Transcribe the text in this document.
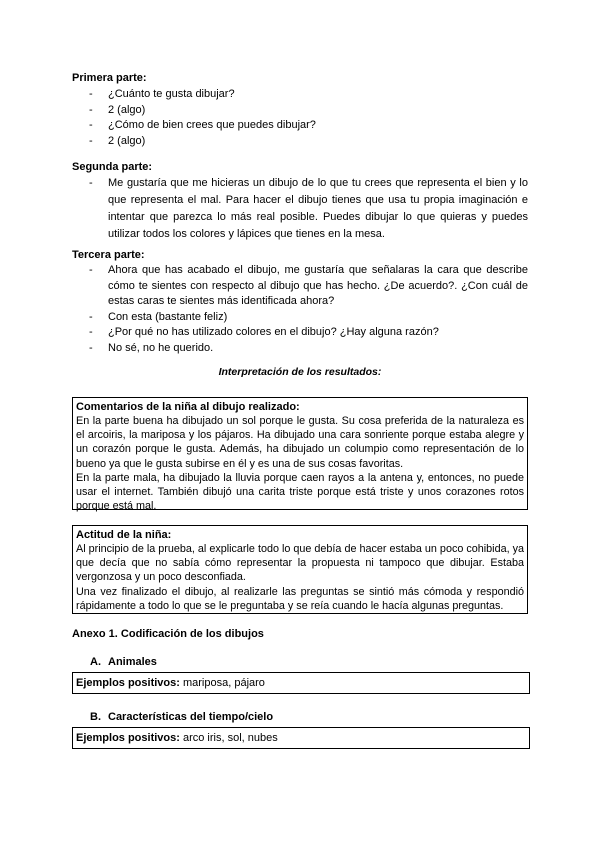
Primera parte:
- ¿Cuánto te gusta dibujar?
- 2 (algo)
- ¿Cómo de bien crees que puedes dibujar?
- 2 (algo)
Segunda parte:
- Me gustaría que me hicieras un dibujo de lo que tu crees que representa el bien y lo que representa el mal. Para hacer el dibujo tienes que usa tu propia imaginación e intentar que parezca lo más real posible. Puedes dibujar lo que quieras y puedes utilizar todos los colores y lápices que tienes en la mesa.
Tercera parte:
- Ahora que has acabado el dibujo, me gustaría que señalaras la cara que describe cómo te sientes con respecto al dibujo que has hecho. ¿De acuerdo?. ¿Con cuál de estas caras te sientes más identificada ahora?
- Con esta (bastante feliz)
- ¿Por qué no has utilizado colores en el dibujo? ¿Hay alguna razón?
- No sé, no he querido.
Interpretación de los resultados:
Comentarios de la niña al dibujo realizado:

En la parte buena ha dibujado un sol porque le gusta. Su cosa preferida de la naturaleza es el arcoiris, la mariposa y los pájaros. Ha dibujado una cara sonriente porque estaba alegre y un corazón porque le gusta. Además, ha dibujado un columpio como representación de lo bueno ya que le gusta subirse en él y es una de sus cosas favoritas.

En la parte mala, ha dibujado la lluvia porque caen rayos a la antena y, entonces, no puede usar el internet. También dibujó una carita triste porque está triste y unos corazones rotos porque está mal.

Actitud de la niña:

Al principio de la prueba, al explicarle todo lo que debía de hacer estaba un poco cohibida, ya que decía que no sabía cómo representar la propuesta ni tampoco que dibujar. Estaba vergonzosa y un poco desconfiada.

Una vez finalizado el dibujo, al realizarle las preguntas se sintió más cómoda y respondió rápidamente a todo lo que se le preguntaba y se reía cuando le hacía algunas preguntas.

Anexo 1. Codificación de los dibujos
A. Animales
Ejemplos positivos: mariposa, pájaro
B. Características del tiempo/cielo
Ejemplos positivos: arco iris, sol, nubes
